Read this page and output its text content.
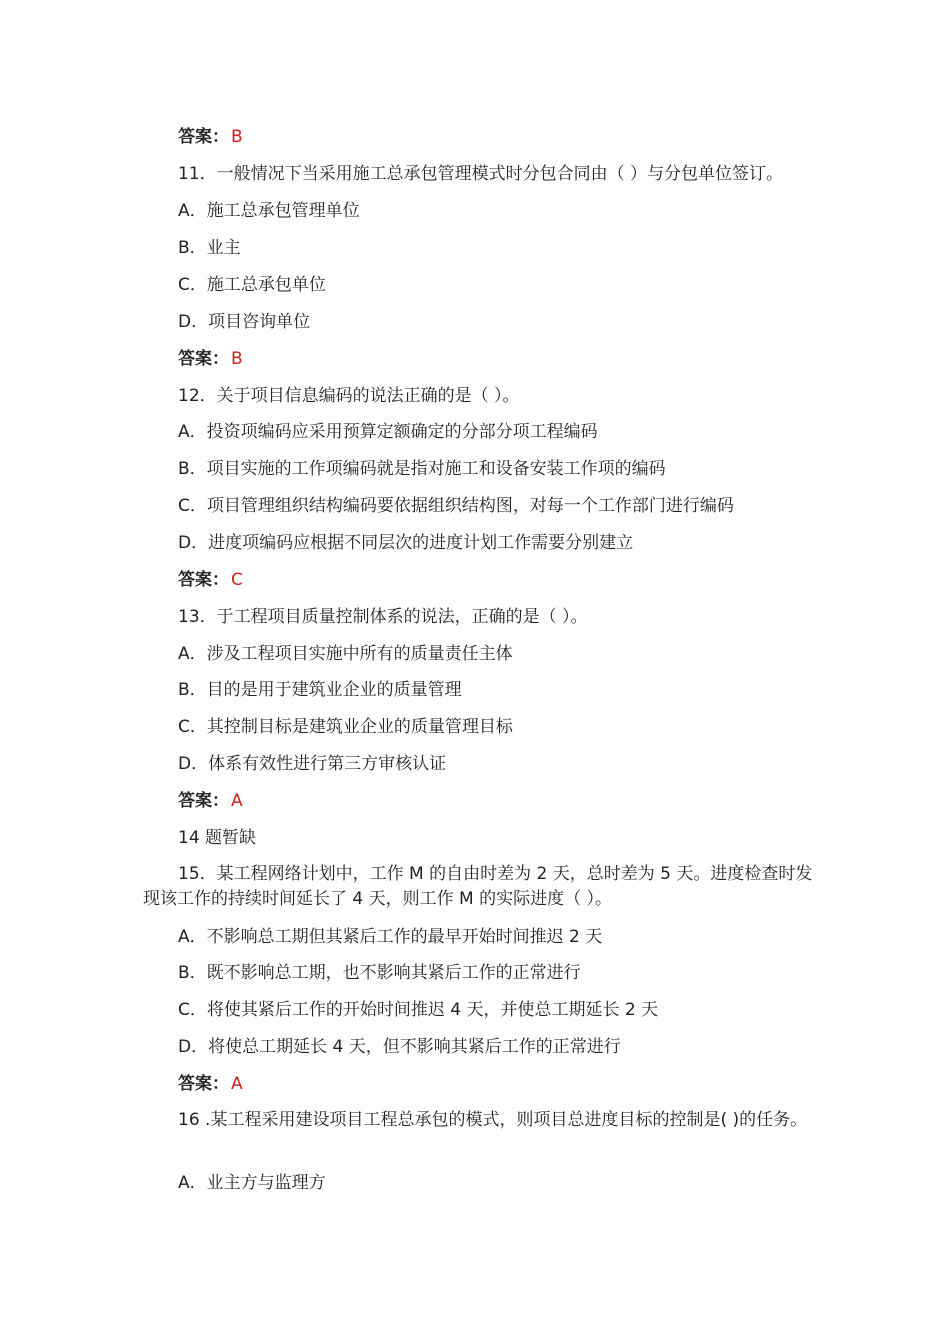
答案： B
11．一般情况下当采用施工总承包管理模式时分包合同由（ ）与分包单位签订。
A．施工总承包管理单位
B．业主
C．施工总承包单位
D．项目咨询单位
答案： B
12．关于项目信息编码的说法正确的是（ ）。
A．投资项编码应采用预算定额确定的分部分项工程编码
B．项目实施的工作项编码就是指对施工和设备安装工作项的编码
C．项目管理组织结构编码要依据组织结构图，对每一个工作部门进行编码
D．进度项编码应根据不同层次的进度计划工作需要分别建立
答案： C
13．于工程项目质量控制体系的说法，正确的是（ ）。
A．涉及工程项目实施中所有的质量责任主体
B．目的是用于建筑业企业的质量管理
C．其控制目标是建筑业企业的质量管理目标
D．体系有效性进行第三方审核认证
答案： A
14 题暂缺
15．某工程网络计划中，工作 M 的自由时差为 2 天，总时差为 5 天。进度检查时发现该工作的持续时间延长了 4 天，则工作 M 的实际进度（ ）。
A．不影响总工期但其紧后工作的最早开始时间推迟 2 天
B．既不影响总工期，也不影响其紧后工作的正常进行
C．将使其紧后工作的开始时间推迟 4 天，并使总工期延长 2 天
D．将使总工期延长 4 天，但不影响其紧后工作的正常进行
答案： A
16 .某工程采用建设项目工程总承包的模式，则项目总进度目标的控制是( )的任务。
A．业主方与监理方
